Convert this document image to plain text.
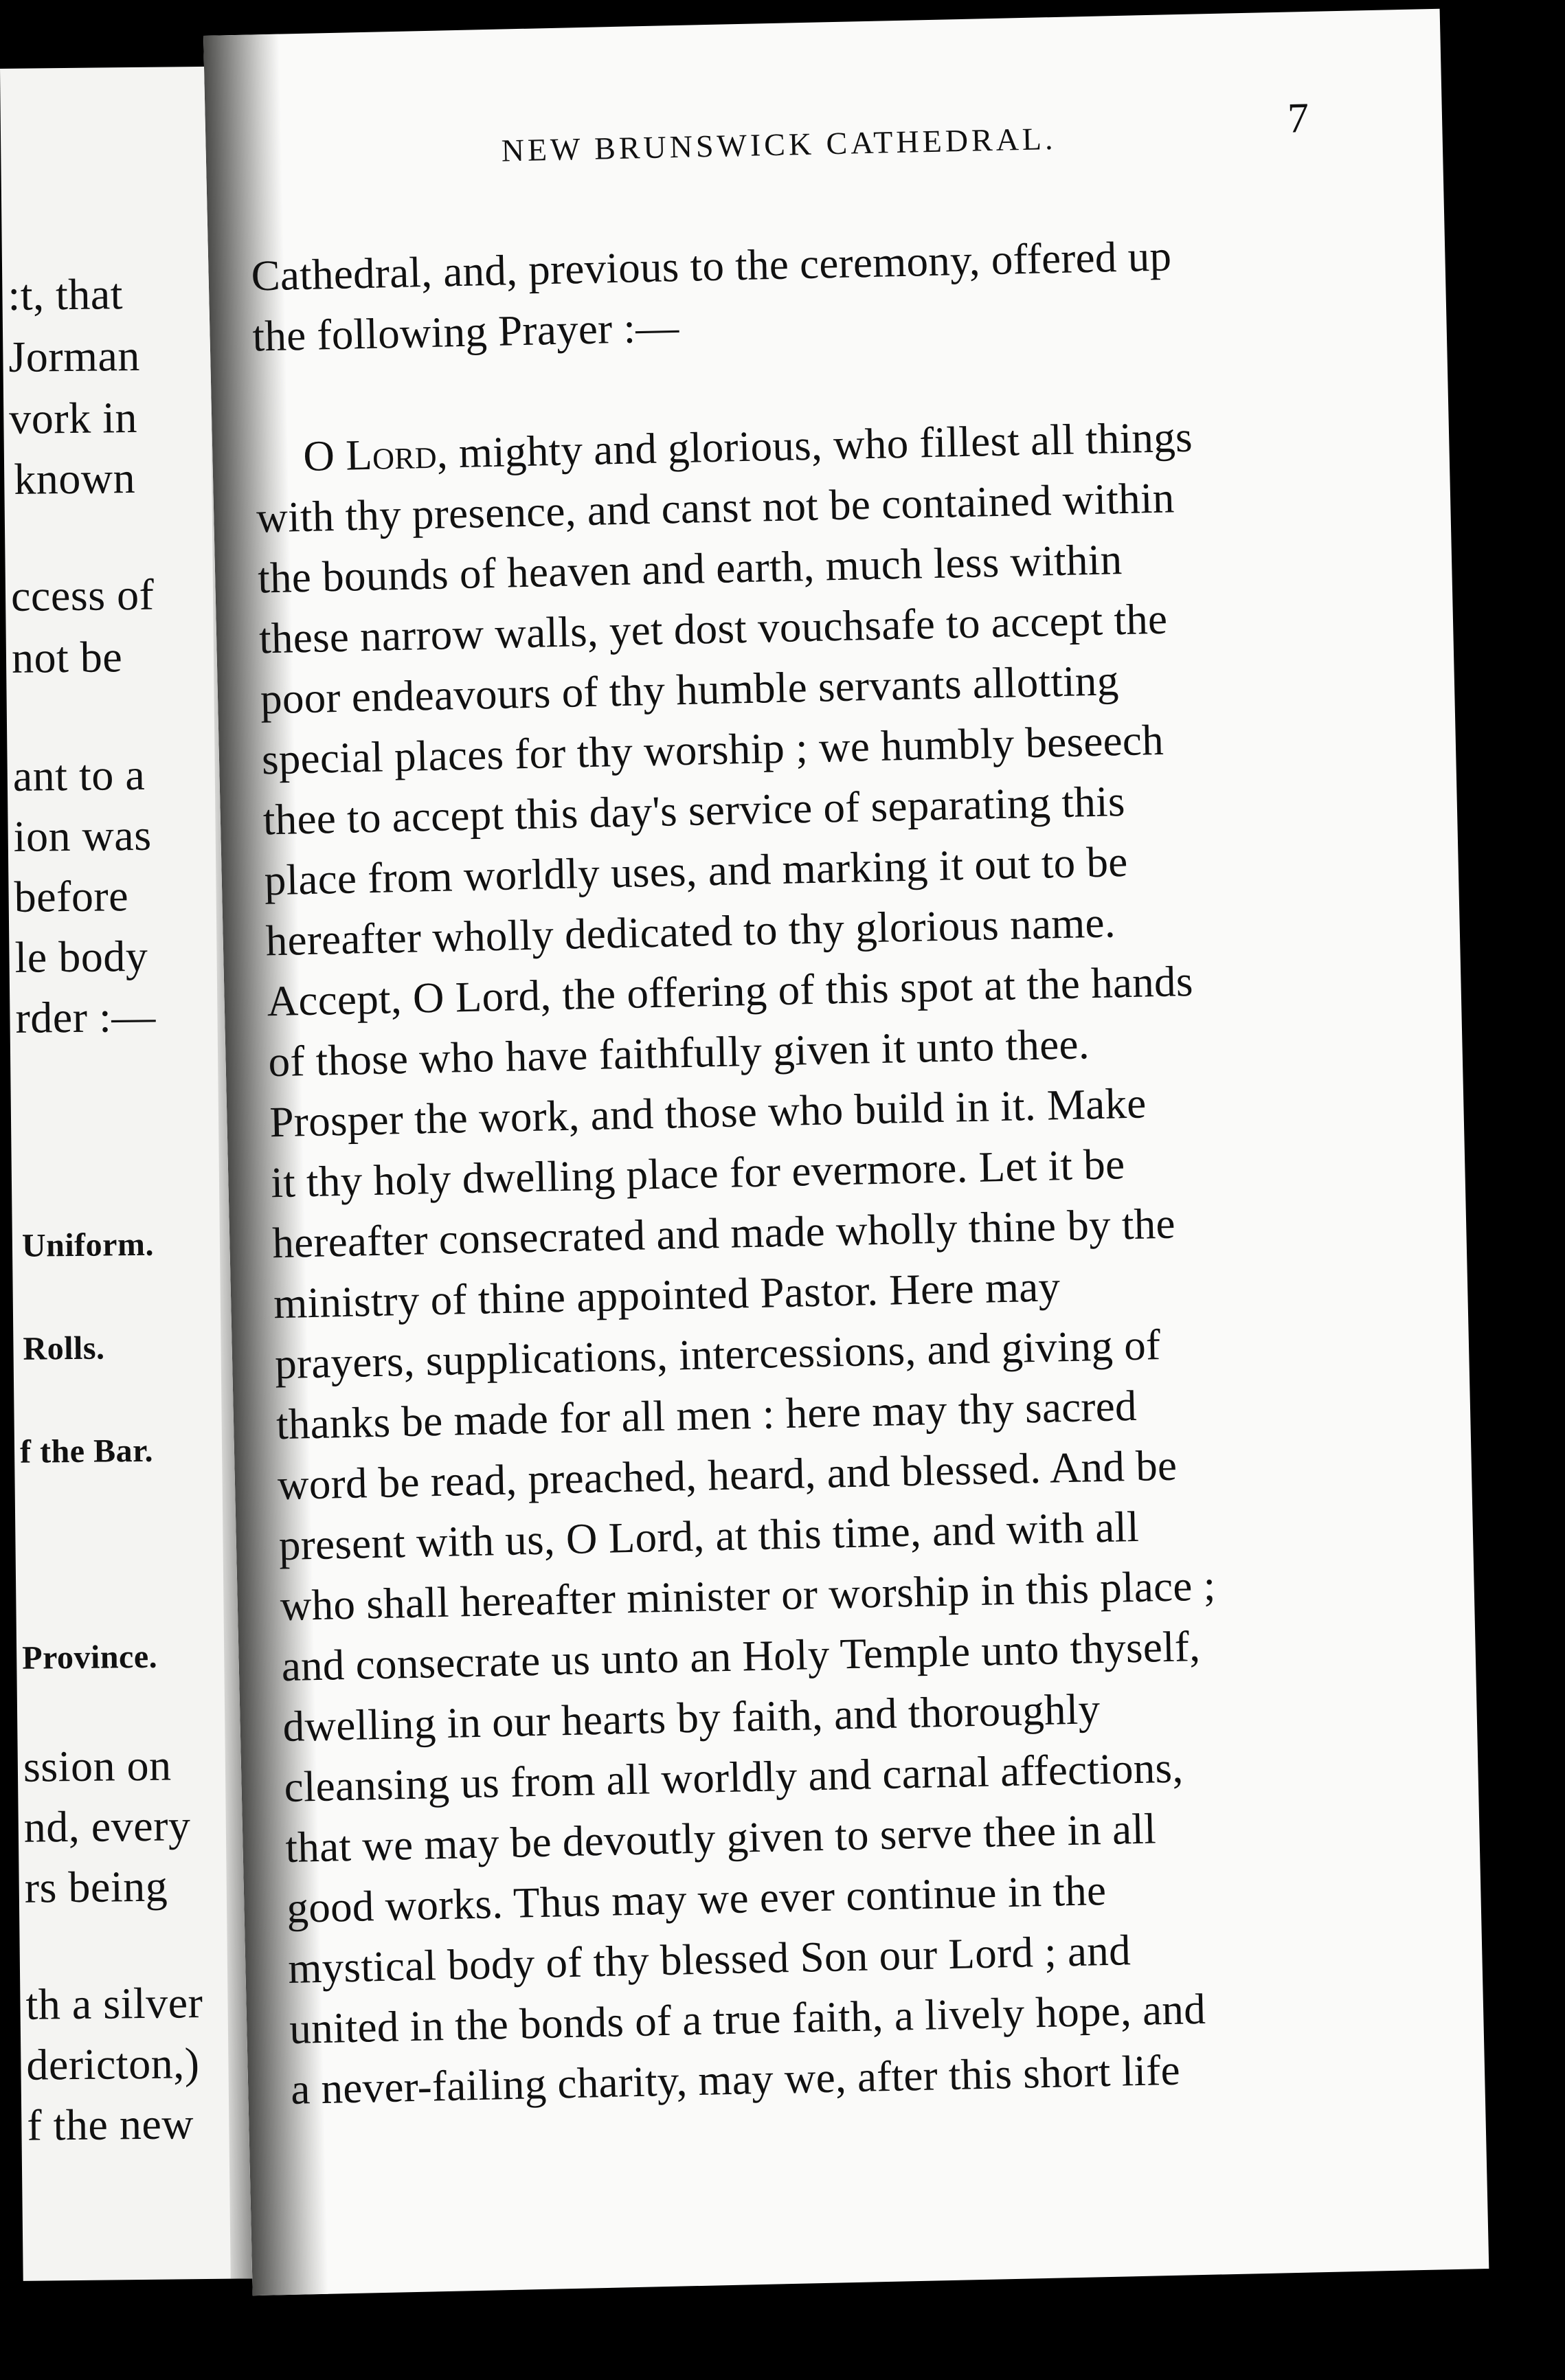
:t, that
Jorman
vork in
known
ccess of
not be
ant to a
ion was
before
le body
rder :—
Uniform.
Rolls.
f the Bar.
Province.
ssion on
nd, every
rs being
th a silver
dericton,)
f the new
NEW BRUNSWICK CATHEDRAL.
7
Cathedral, and, previous to the ceremony, offered up
the following Prayer :—
O Lord, mighty and glorious, who fillest all things
with thy presence, and canst not be contained within
the bounds of heaven and earth, much less within
these narrow walls, yet dost vouchsafe to accept the
poor endeavours of thy humble servants allotting
special places for thy worship ; we humbly beseech
thee to accept this day's service of separating this
place from worldly uses, and marking it out to be
hereafter wholly dedicated to thy glorious name.
Accept, O Lord, the offering of this spot at the hands
of those who have faithfully given it unto thee.
Prosper the work, and those who build in it. Make
it thy holy dwelling place for evermore. Let it be
hereafter consecrated and made wholly thine by the
ministry of thine appointed Pastor. Here may
prayers, supplications, intercessions, and giving of
thanks be made for all men : here may thy sacred
word be read, preached, heard, and blessed. And be
present with us, O Lord, at this time, and with all
who shall hereafter minister or worship in this place ;
and consecrate us unto an Holy Temple unto thyself,
dwelling in our hearts by faith, and thoroughly
cleansing us from all worldly and carnal affections,
that we may be devoutly given to serve thee in all
good works. Thus may we ever continue in the
mystical body of thy blessed Son our Lord ; and
united in the bonds of a true faith, a lively hope, and
a never-failing charity, may we, after this short life
